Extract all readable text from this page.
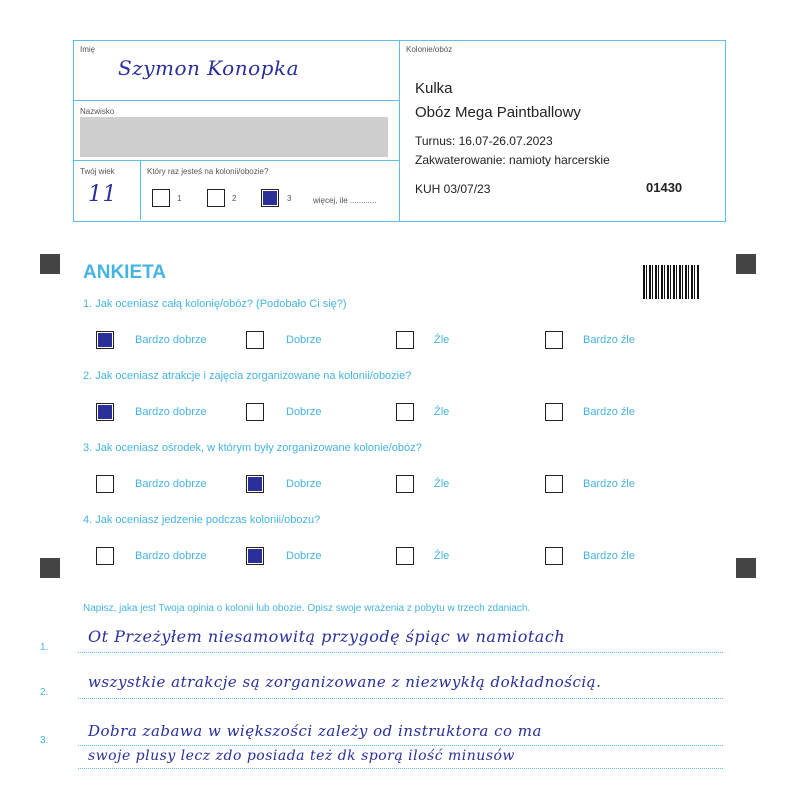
Imię
Szymon Konopka
Nazwisko
Twój wiek
11
Który raz jesteś na kolonii/obozie?
1	2	3	więcej, ile ............
Kolonie/obóz
Kulka
Obóz Mega Paintballowy
Turnus: 16.07-26.07.2023
Zakwaterowanie: namioty harcerskie
KUH 03/07/23	01430
ANKIETA
1. Jak oceniasz całą kolonię/obóz? (Podobało Ci się?)
Bardzo dobrze	Dobrze	Źle	Bardzo źle
2. Jak oceniasz atrakcje i zajęcia zorganizowane na kolonii/obozie?
Bardzo dobrze	Dobrze	Źle	Bardzo źle
3. Jak oceniasz ośrodek, w którym były zorganizowane kolonie/obóz?
Bardzo dobrze	Dobrze	Źle	Bardzo źle
4. Jak oceniasz jedzenie podczas kolonii/obozu?
Bardzo dobrze	Dobrze	Źle	Bardzo źle
Napisz, jaka jest Twoja opinia o kolonii lub obozie. Opisz swoje wrażenia z pobytu w trzech zdaniach.
1.
2.
3.
Ot Przeżyłem niesamowitą przygodę śpiąc w namiotach
wszystkie atrakcje są zorganizowane z niezwykłą dokładnością.
Dobra zabawa w większości zależy od instruktora co ma
swoje plusy lecz zdo posiada też dk sporą ilość minusów
